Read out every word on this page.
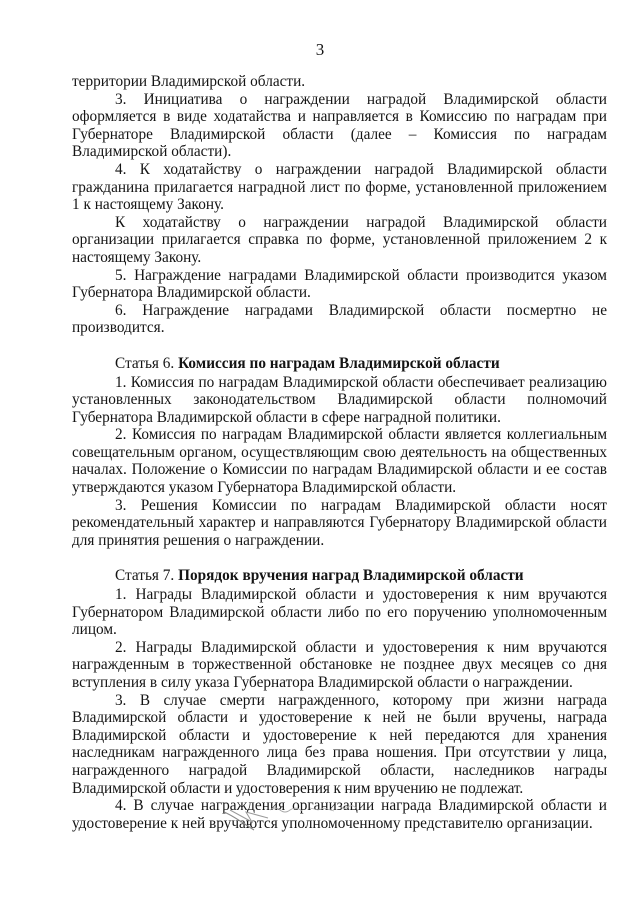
3

территории Владимирской области.

3. Инициатива о награждении наградой Владимирской области оформляется в виде ходатайства и направляется в Комиссию по наградам при Губернаторе Владимирской области (далее – Комиссия по наградам Владимирской области).

4. К ходатайству о награждении наградой Владимирской области гражданина прилагается наградной лист по форме, установленной приложением 1 к настоящему Закону.

К ходатайству о награждении наградой Владимирской области организации прилагается справка по форме, установленной приложением 2 к настоящему Закону.

5. Награждение наградами Владимирской области производится указом Губернатора Владимирской области.

6. Награждение наградами Владимирской области посмертно не производится.

Статья 6. Комиссия по наградам Владимирской области

1. Комиссия по наградам Владимирской области обеспечивает реализацию установленных законодательством Владимирской области полномочий Губернатора Владимирской области в сфере наградной политики.

2. Комиссия по наградам Владимирской области является коллегиальным совещательным органом, осуществляющим свою деятельность на общественных началах. Положение о Комиссии по наградам Владимирской области и ее состав утверждаются указом Губернатора Владимирской области.

3. Решения Комиссии по наградам Владимирской области носят рекомендательный характер и направляются Губернатору Владимирской области для принятия решения о награждении.

Статья 7. Порядок вручения наград Владимирской области

1. Награды Владимирской области и удостоверения к ним вручаются Губернатором Владимирской области либо по его поручению уполномоченным лицом.

2. Награды Владимирской области и удостоверения к ним вручаются награжденным в торжественной обстановке не позднее двух месяцев со дня вступления в силу указа Губернатора Владимирской области о награждении.

3. В случае смерти награжденного, которому при жизни награда Владимирской области и удостоверение к ней не были вручены, награда Владимирской области и удостоверение к ней передаются для хранения наследникам награжденного лица без права ношения. При отсутствии у лица, награжденного наградой Владимирской области, наследников награды Владимирской области и удостоверения к ним вручению не подлежат.

4. В случае награждения организации награда Владимирской области и удостоверение к ней вручаются уполномоченному представителю организации.
